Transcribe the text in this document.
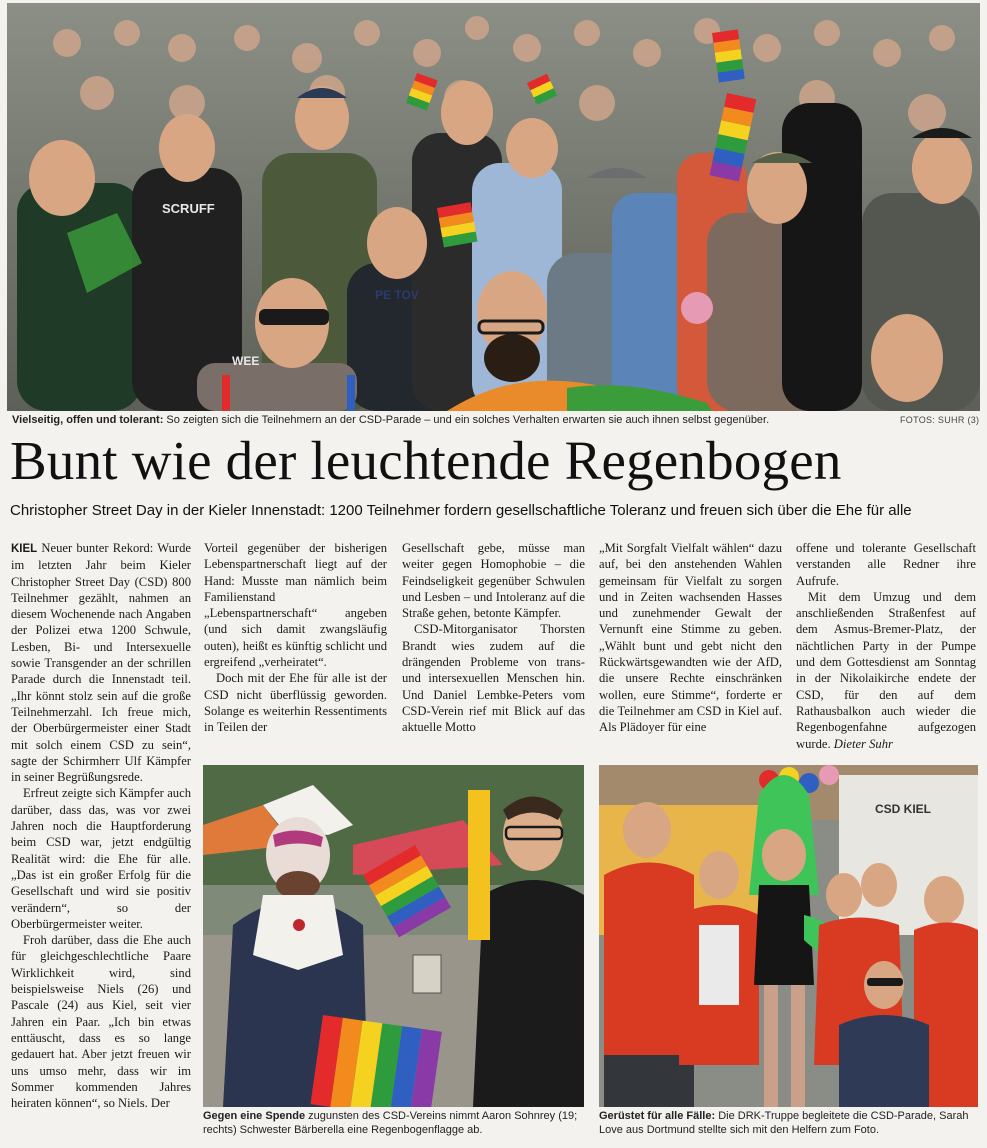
SCRUFF
WEE
PE TOV
Vielseitig, offen und tolerant: So zeigten sich die Teilnehmern an der CSD-Parade – und ein solches Verhalten erwarten sie auch ihnen selbst gegenüber.	FOTOS: SUHR (3)
Bunt wie der leuchtende Regenbogen
Christopher Street Day in der Kieler Innenstadt: 1200 Teilnehmer fordern gesellschaftliche Toleranz und freuen sich über die Ehe für alle

KIEL Neuer bunter Rekord: Wurde im letzten Jahr beim Kieler Christopher Street Day (CSD) 800 Teilnehmer gezählt, nahmen an diesem Wochenende nach Angaben der Polizei etwa 1200 Schwule, Lesben, Bi- und Intersexuelle sowie Transgender an der schrillen Parade durch die Innenstadt teil. „Ihr könnt stolz sein auf die große Teilnehmerzahl. Ich freue mich, der Oberbürgermeister einer Stadt mit solch einem CSD zu sein“, sagte der Schirmherr Ulf Kämpfer in seiner Begrüßungsrede.

Erfreut zeigte sich Kämpfer auch darüber, dass das, was vor zwei Jahren noch die Hauptforderung beim CSD war, jetzt endgültig Realität wird: die Ehe für alle. „Das ist ein großer Erfolg für die Gesellschaft und wird sie positiv verändern“, so der Oberbürgermeister weiter.

Froh darüber, dass die Ehe auch für gleichgeschlechtliche Paare Wirklichkeit wird, sind beispielsweise Niels (26) und Pascale (24) aus Kiel, seit vier Jahren ein Paar. „Ich bin etwas enttäuscht, dass es so lange gedauert hat. Aber jetzt freuen wir uns umso mehr, dass wir im Sommer kommenden Jahres heiraten können“, so Niels. Der

Vorteil gegenüber der bisherigen Lebenspartnerschaft liegt auf der Hand: Musste man nämlich beim Familienstand „Lebenspartnerschaft“ angeben (und sich damit zwangsläufig outen), heißt es künftig schlicht und ergreifend „verheiratet“.

Doch mit der Ehe für alle ist der CSD nicht überflüssig geworden. Solange es weiterhin Ressentiments in Teilen der

Gesellschaft gebe, müsse man weiter gegen Homophobie – die Feindseligkeit gegenüber Schwulen und Lesben – und Intoleranz auf die Straße gehen, betonte Kämpfer.

CSD-Mitorganisator Thorsten Brandt wies zudem auf die drängenden Probleme von trans- und intersexuellen Menschen hin. Und Daniel Lembke-Peters vom CSD-Verein rief mit Blick auf das aktuelle Motto

„Mit Sorgfalt Vielfalt wählen“ dazu auf, bei den anstehenden Wahlen gemeinsam für Vielfalt zu sorgen und in Zeiten wachsenden Hasses und zunehmender Gewalt der Vernunft eine Stimme zu geben. „Wählt bunt und gebt nicht den Rückwärtsgewandten wie der AfD, die unsere Rechte einschränken wollen, eure Stimme“, forderte er die Teilnehmer am CSD in Kiel auf. Als Plädoyer für eine

offene und tolerante Gesellschaft verstanden alle Redner ihre Aufrufe.

Mit dem Umzug und dem anschließenden Straßenfest auf dem Asmus-Bremer-Platz, der nächtlichen Party in der Pumpe und dem Gottesdienst am Sonntag in der Nikolaikirche endete der CSD, für den auf dem Rathausbalkon auch wieder die Regenbogenfahne aufgezogen wurde. Dieter Suhr

CSD KIEL
Gegen eine Spende zugunsten des CSD-Vereins nimmt Aaron Sohnrey (19; rechts) Schwester Bärberella eine Regenbogenflagge ab.
Gerüstet für alle Fälle: Die DRK-Truppe begleitete die CSD-Parade, Sarah Love aus Dortmund stellte sich mit den Helfern zum Foto.
